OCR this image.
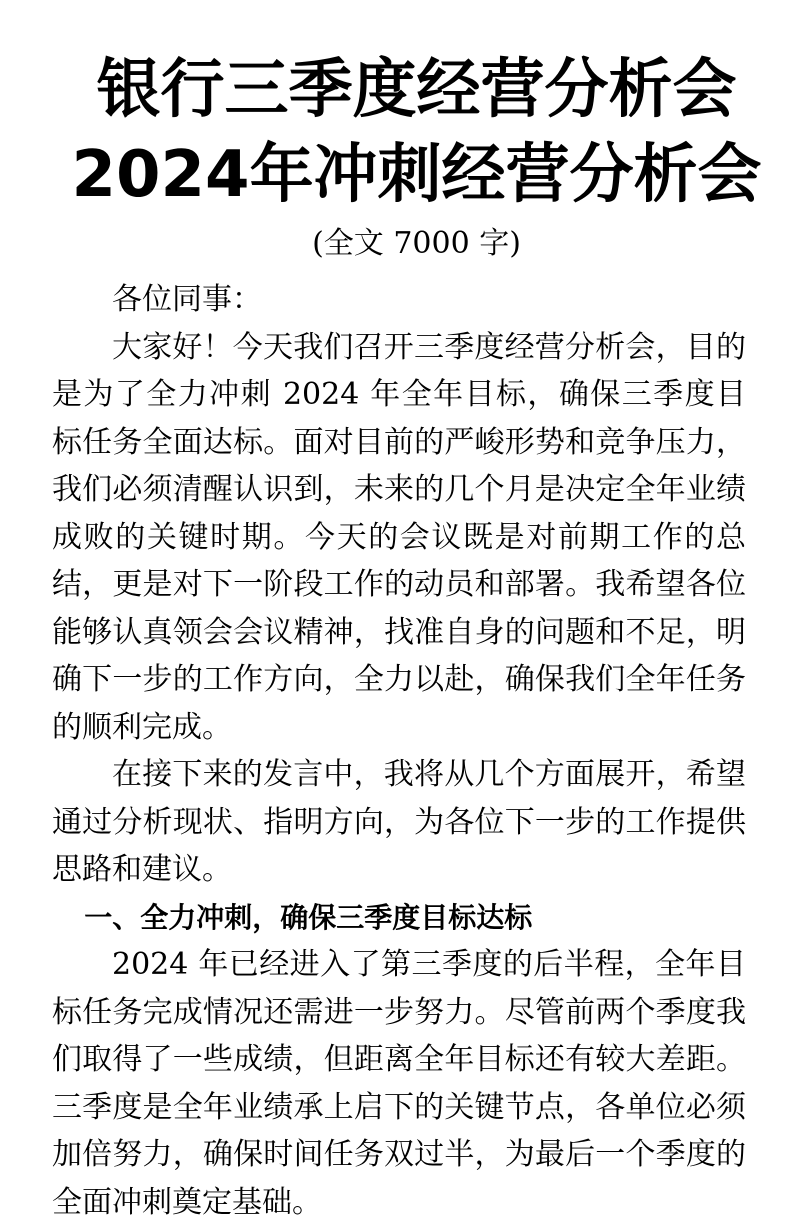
银行三季度经营分析会
2024年冲刺经营分析会
(全文 7000 字)

各位同事：

大家好！今天我们召开三季度经营分析会，目的是为了全力冲刺 2024 年全年目标，确保三季度目标任务全面达标。面对目前的严峻形势和竞争压力，我们必须清醒认识到，未来的几个月是决定全年业绩成败的关键时期。今天的会议既是对前期工作的总结，更是对下一阶段工作的动员和部署。我希望各位能够认真领会会议精神，找准自身的问题和不足，明确下一步的工作方向，全力以赴，确保我们全年任务的顺利完成。

在接下来的发言中，我将从几个方面展开，希望通过分析现状、指明方向，为各位下一步的工作提供思路和建议。

一、全力冲刺，确保三季度目标达标

2024 年已经进入了第三季度的后半程，全年目标任务完成情况还需进一步努力。尽管前两个季度我们取得了一些成绩，但距离全年目标还有较大差距。三季度是全年业绩承上启下的关键节点，各单位必须加倍努力，确保时间任务双过半，为最后一个季度的全面冲刺奠定基础。
